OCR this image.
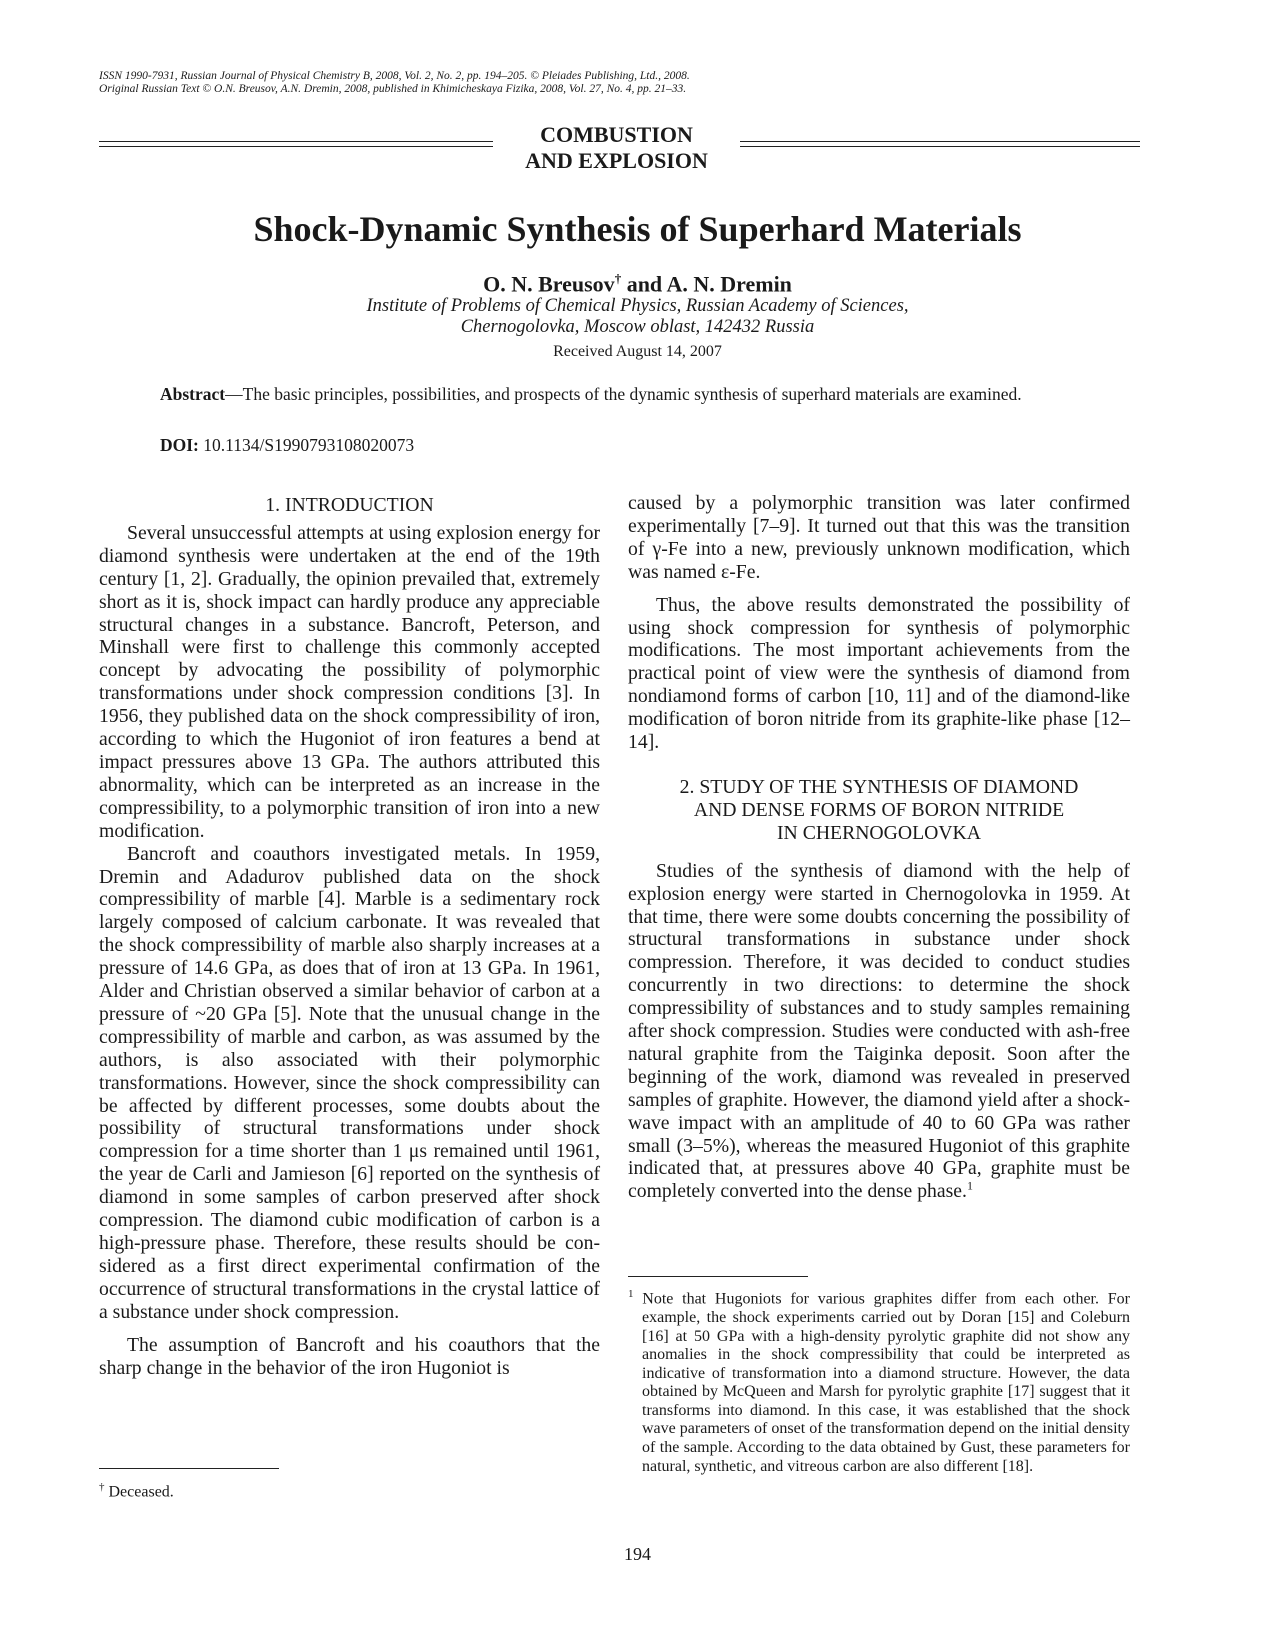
ISSN 1990-7931, Russian Journal of Physical Chemistry B, 2008, Vol. 2, No. 2, pp. 194–205. © Pleiades Publishing, Ltd., 2008.
Original Russian Text © O.N. Breusov, A.N. Dremin, 2008, published in Khimicheskaya Fizika, 2008, Vol. 27, No. 4, pp. 21–33.
COMBUSTION
AND EXPLOSION
Shock-Dynamic Synthesis of Superhard Materials
O. N. Breusov† and A. N. Dremin
Institute of Problems of Chemical Physics, Russian Academy of Sciences,
Chernogolovka, Moscow oblast, 142432 Russia
Received August 14, 2007
Abstract—The basic principles, possibilities, and prospects of the dynamic synthesis of superhard materials are examined.
DOI: 10.1134/S1990793108020073
1. INTRODUCTION

Several unsuccessful attempts at using explosion energy for diamond synthesis were undertaken at the end of the 19th century [1, 2]. Gradually, the opinion prevailed that, extremely short as it is, shock impact can hardly produce any appreciable structural changes in a substance. Bancroft, Peterson, and Minshall were first to challenge this commonly accepted concept by advocating the possibility of polymorphic transformations under shock compression conditions [3]. In 1956, they published data on the shock compressibility of iron, according to which the Hugoniot of iron features a bend at impact pressures above 13 GPa. The authors attributed this abnormality, which can be interpreted as an increase in the compressibility, to a polymorphic transition of iron into a new modification.

Bancroft and coauthors investigated metals. In 1959, Dremin and Adadurov published data on the shock compressibility of marble [4]. Marble is a sedimentary rock largely composed of calcium carbonate. It was revealed that the shock compressibility of marble also sharply increases at a pressure of 14.6 GPa, as does that of iron at 13 GPa. In 1961, Alder and Christian observed a similar behavior of carbon at a pressure of ~20 GPa [5]. Note that the unusual change in the compressibility of marble and carbon, as was assumed by the authors, is also associated with their polymorphic transformations. However, since the shock compressibility can be affected by different processes, some doubts about the possibility of structural transformations under shock compression for a time shorter than 1 μs remained until 1961, the year de Carli and Jamieson [6] reported on the synthesis of diamond in some samples of carbon preserved after shock compression. The diamond cubic modification of carbon is a high-pressure phase. Therefore, these results should be considered as a first direct experimental confirmation of the occurrence of structural transformations in the crystal lattice of a substance under shock compression.

The assumption of Bancroft and his coauthors that the sharp change in the behavior of the iron Hugoniot is

† Deceased.

caused by a polymorphic transition was later confirmed experimentally [7–9]. It turned out that this was the transition of γ-Fe into a new, previously unknown modification, which was named ε-Fe.

Thus, the above results demonstrated the possibility of using shock compression for synthesis of polymorphic modifications. The most important achievements from the practical point of view were the synthesis of diamond from nondiamond forms of carbon [10, 11] and of the diamond-like modification of boron nitride from its graphite-like phase [12–14].

2. STUDY OF THE SYNTHESIS OF DIAMOND
AND DENSE FORMS OF BORON NITRIDE
IN CHERNOGOLOVKA

Studies of the synthesis of diamond with the help of explosion energy were started in Chernogolovka in 1959. At that time, there were some doubts concerning the possibility of structural transformations in substance under shock compression. Therefore, it was decided to conduct studies concurrently in two directions: to determine the shock compressibility of substances and to study samples remaining after shock compression. Studies were conducted with ash-free natural graphite from the Taiginka deposit. Soon after the beginning of the work, diamond was revealed in preserved samples of graphite. However, the diamond yield after a shock-wave impact with an amplitude of 40 to 60 GPa was rather small (3–5%), whereas the measured Hugoniot of this graphite indicated that, at pressures above 40 GPa, graphite must be completely converted into the dense phase.$^1$

$^1$ Note that Hugoniots for various graphites differ from each other. For example, the shock experiments carried out by Doran [15] and Coleburn [16] at 50 GPa with a high-density pyrolytic graphite did not show any anomalies in the shock compressibility that could be interpreted as indicative of transformation into a diamond structure. However, the data obtained by McQueen and Marsh for pyrolytic graphite [17] suggest that it transforms into diamond. In this case, it was established that the shock wave parameters of onset of the transformation depend on the initial density of the sample. According to the data obtained by Gust, these parameters for natural, synthetic, and vitreous carbon are also different [18].
194
